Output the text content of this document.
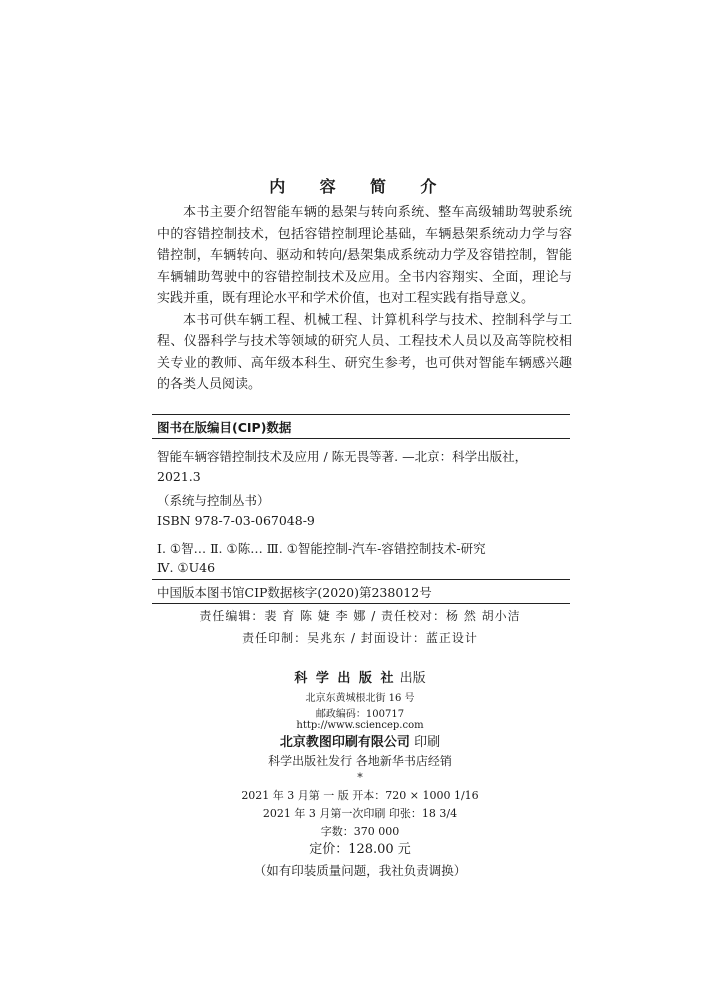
内 容 简 介

本书主要介绍智能车辆的悬架与转向系统、整车高级辅助驾驶系统中的容错控制技术，包括容错控制理论基础，车辆悬架系统动力学与容错控制，车辆转向、驱动和转向/悬架集成系统动力学及容错控制，智能车辆辅助驾驶中的容错控制技术及应用。全书内容翔实、全面，理论与实践并重，既有理论水平和学术价值，也对工程实践有指导意义。

本书可供车辆工程、机械工程、计算机科学与技术、控制科学与工程、仪器科学与技术等领域的研究人员、工程技术人员以及高等院校相关专业的教师、高年级本科生、研究生参考，也可供对智能车辆感兴趣的各类人员阅读。

图书在版编目(CIP)数据
智能车辆容错控制技术及应用 / 陈无畏等著. —北京：科学出版社，
2021.3
（系统与控制丛书）
ISBN 978-7-03-067048-9
Ⅰ. ①智… Ⅱ. ①陈… Ⅲ. ①智能控制-汽车-容错控制技术-研究
Ⅳ. ①U46
中国版本图书馆CIP数据核字(2020)第238012号
责任编辑：裴 育 陈 婕 李 娜 / 责任校对：杨 然 胡小洁
责任印制：吴兆东 / 封面设计：蓝正设计
科 学 出 版 社 出版
北京东黄城根北街 16 号
邮政编码：100717
http://www.sciencep.com
北京教图印刷有限公司 印刷
科学出版社发行 各地新华书店经销
*
2021 年 3 月第 一 版 开本：720 × 1000 1/16
2021 年 3 月第一次印刷 印张：18 3/4
字数：370 000
定价：128.00 元
（如有印装质量问题，我社负责调换）
